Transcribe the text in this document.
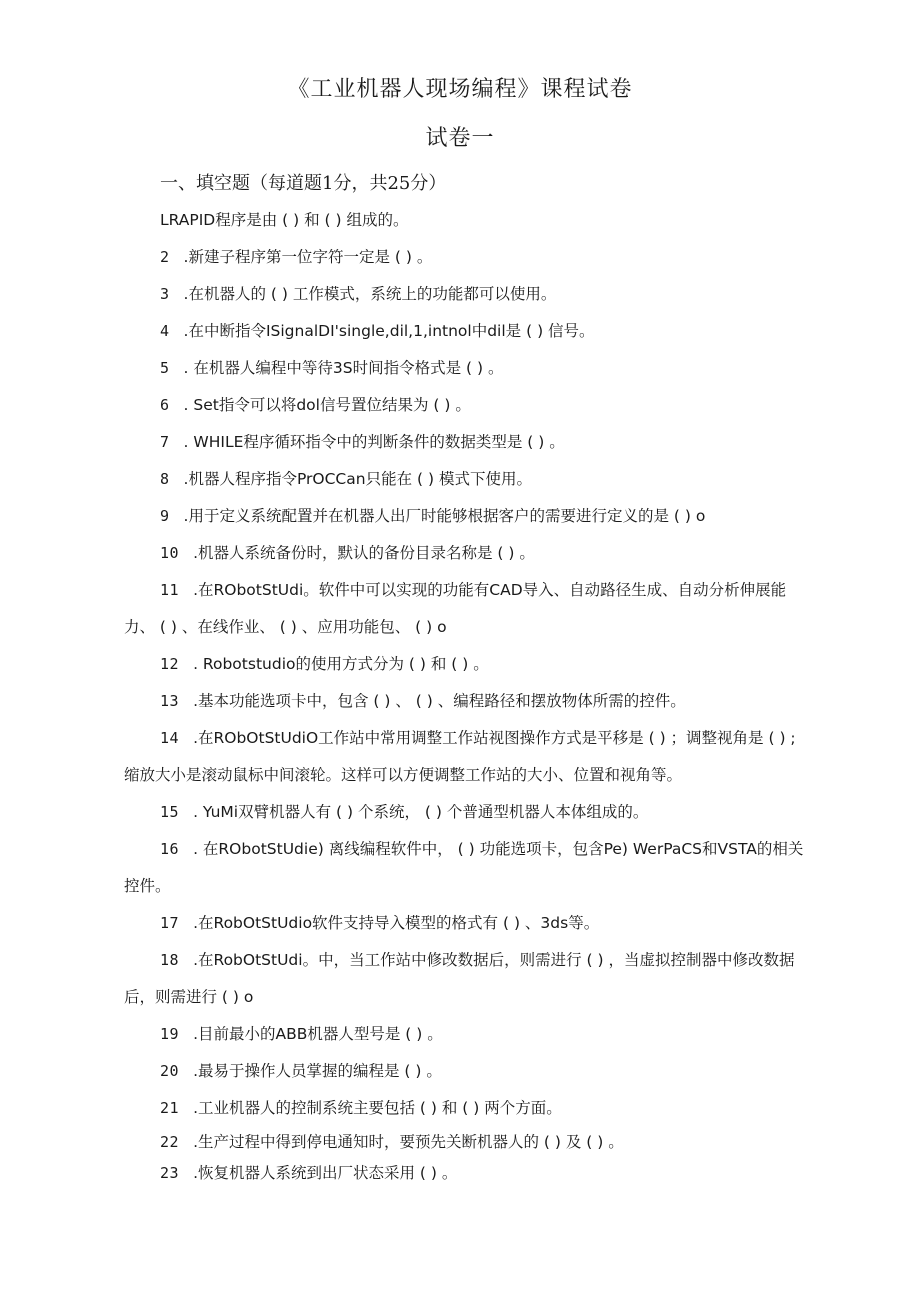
《工业机器人现场编程》课程试卷
试卷一
一、填空题（每道题1分，共25分）
LRAPID程序是由 ( ) 和 ( ) 组成的。
2 .新建子程序第一位字符一定是 ( ) 。
3 .在机器人的 ( ) 工作模式，系统上的功能都可以使用。
4 .在中断指令ISignalDI'single,dil,1,intnol中dil是 ( ) 信号。
5 . 在机器人编程中等待3S时间指令格式是 ( ) 。
6 . Set指令可以将dol信号置位结果为 ( ) 。
7 . WHILE程序循环指令中的判断条件的数据类型是 ( ) 。
8 .机器人程序指令PrOCCan只能在 ( ) 模式下使用。
9 .用于定义系统配置并在机器人出厂时能够根据客户的需要进行定义的是 ( ) o
10 .机器人系统备份时，默认的备份目录名称是 ( ) 。
11 .在RObotStUdi。软件中可以实现的功能有CAD导入、自动路径生成、自动分析伸展能力、 ( ) 、在线作业、 ( ) 、应用功能包、 ( ) o
12 . Robotstudio的使用方式分为 ( ) 和 ( ) 。
13 .基本功能选项卡中，包含 ( ) 、 ( ) 、编程路径和摆放物体所需的控件。
14 .在RObOtStUdiO工作站中常用调整工作站视图操作方式是平移是 ( ) ；调整视角是 ( ) ;缩放大小是滚动鼠标中间滚轮。这样可以方便调整工作站的大小、位置和视角等。
15 . YuMi双臂机器人有 ( ) 个系统， ( ) 个普通型机器人本体组成的。
16 . 在RObotStUdie) 离线编程软件中， ( ) 功能选项卡，包含Pe) WerPaCS和VSTA的相关控件。
17 .在RobOtStUdio软件支持导入模型的格式有 ( ) 、3ds等。
18 .在RobOtStUdi。中，当工作站中修改数据后，则需进行 ( ) ，当虚拟控制器中修改数据后，则需进行 ( ) o
19 .目前最小的ABB机器人型号是 ( ) 。
20 .最易于操作人员掌握的编程是 ( ) 。
21 .工业机器人的控制系统主要包括 ( ) 和 ( ) 两个方面。
22 .生产过程中得到停电通知时，要预先关断机器人的 ( ) 及 ( ) 。
23 .恢复机器人系统到出厂状态采用 ( ) 。
